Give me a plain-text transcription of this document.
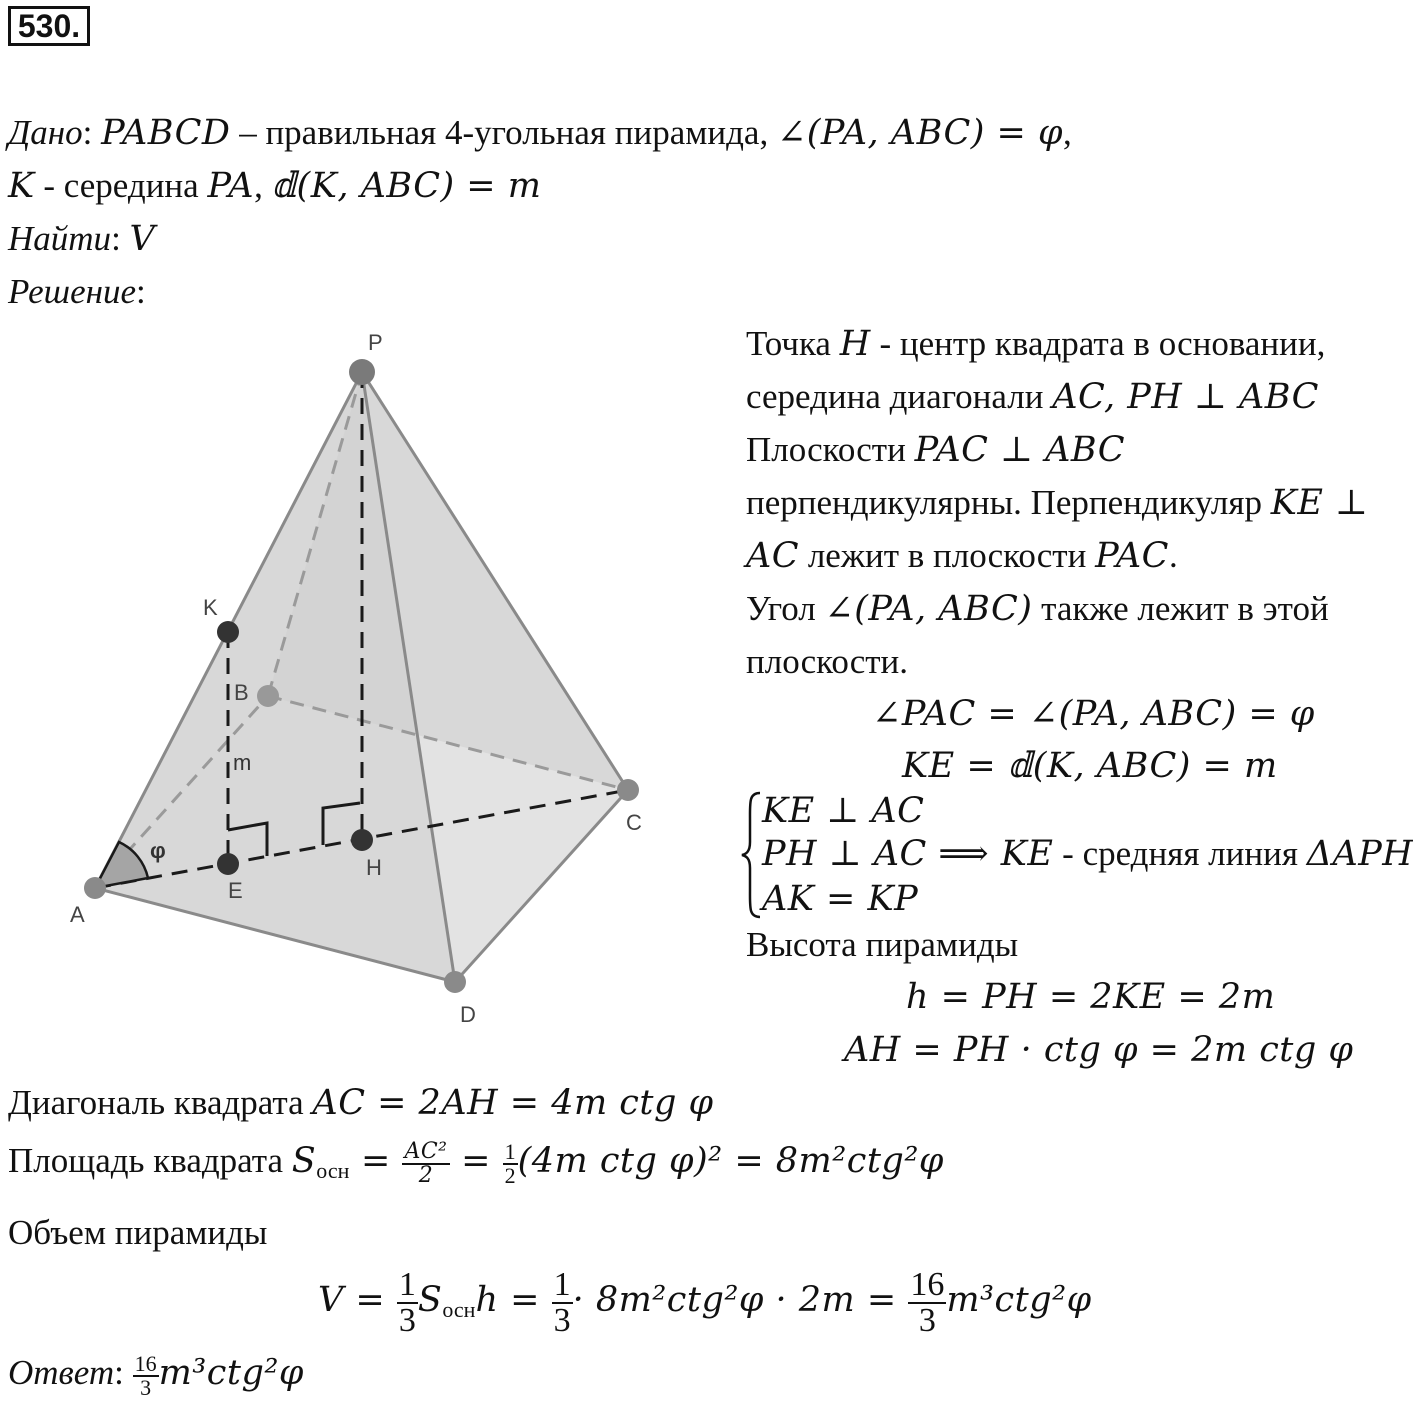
530.
Дано: PABCD – правильная 4-угольная пирамида, ∠(PA, ABC) = φ,
K - середина PA, 𝕕(K, ABC) = m
Найти: V
Решение:
P
K
B
m
C
φ
E
H
A
D
Точка H - центр квадрата в основании,
середина диагонали AC, PH ⊥ ABC
Плоскости PAC ⊥ ABC
перпендикулярны. Перпендикуляр KE ⊥
AC лежит в плоскости PAC.
Угол ∠(PA, ABC) также лежит в этой
плоскости.
∠PAC = ∠(PA, ABC) = φ
KE = 𝕕(K, ABC) = m
KE ⊥ AC
PH ⊥ AC ⟹ KE - средняя линия ΔAPH
AK = KP
Высота пирамиды
h = PH = 2KE = 2m
AH = PH · ctg φ = 2m ctg φ
Диагональ квадрата AC = 2AH = 4m ctg φ
Площадь квадрата $S_{осн} = \frac{\text{AC²}}{2} = \frac{1}{2} (4m$ ctg φ)² = 8m²ctg²φ
Объем пирамиды
$V = \frac{1}{3} S_{осн}h = \frac{1}{3} \cdot 8m^2ctg^2\varphi \cdot 2m = \frac{16}{3} m^3ctg^2\varphi$
Ответ: $\frac{16}{3} m^3ctg^2\varphi$
